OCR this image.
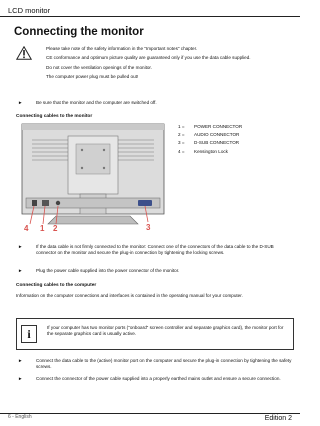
LCD monitor
Connecting the monitor

Please take note of the safety information in the "Important notes" chapter.

CE conformance and optimum picture quality are guaranteed only if you use the data cable supplied.

Do not cover the ventilation openings of the monitor.

The computer power plug must be pulled out!

►	Be sure that the monitor and the computer are switched off.
Connecting cables to the monitor
4 1 2	3
1 = POWER CONNECTOR
2 = AUDIO CONNECTOR
3 = D-SUB CONNECTOR
4 = Kensington Lock
►	If the data cable is not firmly connected to the monitor: Connect one of the connectors of the data cable to the D-SUB connector on the monitor and secure the plug-in connection by tightening the locking screws.
►	Plug the power cable supplied into the power connector of the monitor.
Connecting cables to the computer
Information on the computer connections and interfaces is contained in the operating manual for your computer.
i	If your computer has two monitor ports ("onboard" screen controller and separate graphics card), the monitor port for the separate graphics card is usually active.
►	Connect the data cable to the (active) monitor port on the computer and secure the plug-in connection by tightening the safety screws.
►	Connect the connector of the power cable supplied into a properly earthed mains outlet and ensure a secure connection.
6 - English	Edition 2
